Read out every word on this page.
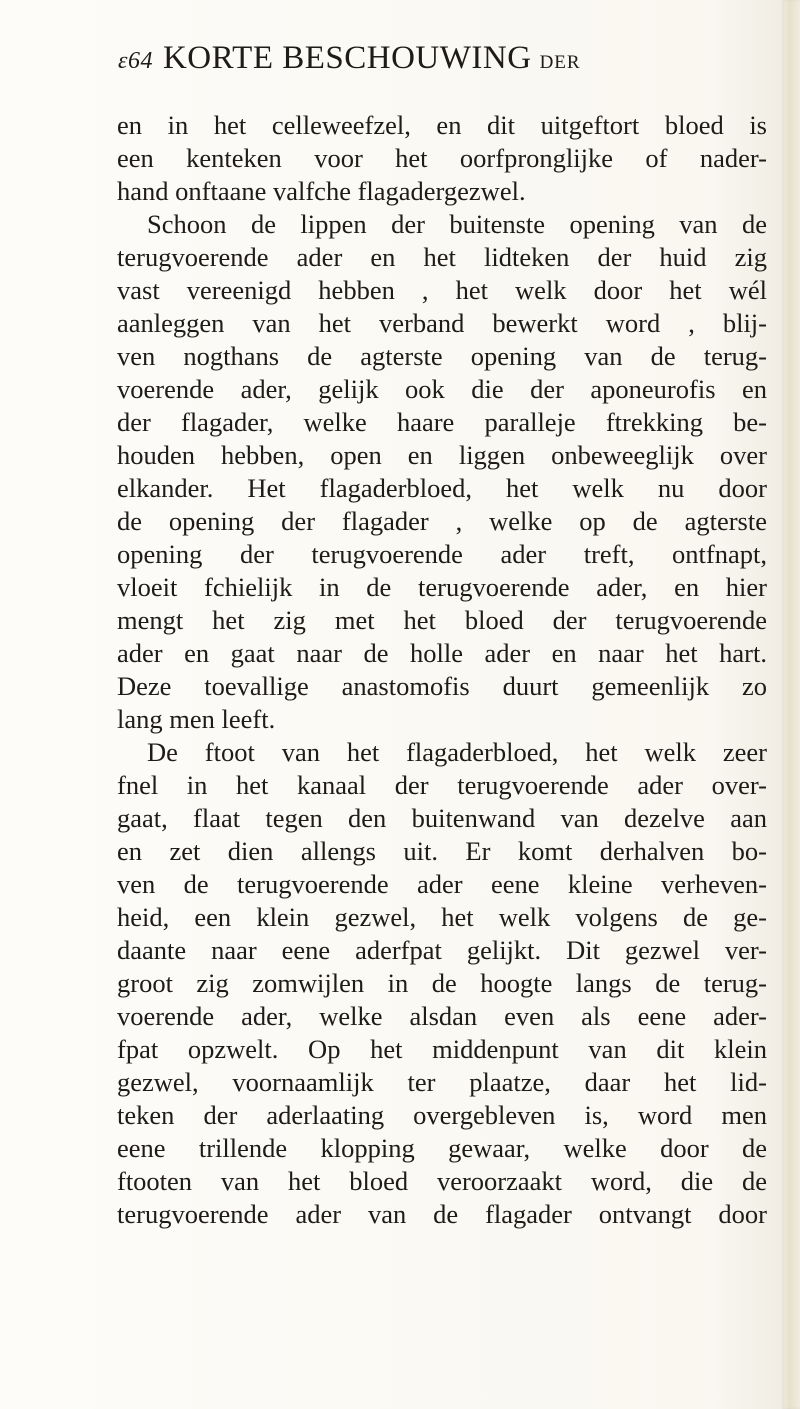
ɛ64 KORTE BESCHOUWING DER
en in het celleweefzel, en dit uitgeftort bloed is
een kenteken voor het oorfpronglijke of nader-
hand onftaane valfche flagadergezwel.
Schoon de lippen der buitenste opening van de
terugvoerende ader en het lidteken der huid zig
vast vereenigd hebben , het welk door het wél
aanleggen van het verband bewerkt word , blij-
ven nogthans de agterste opening van de terug-
voerende ader, gelijk ook die der aponeurofis en
der flagader, welke haare paralleje ftrekking be-
houden hebben, open en liggen onbeweeglijk over
elkander. Het flagaderbloed, het welk nu door
de opening der flagader , welke op de agterste
opening der terugvoerende ader treft, ontfnapt,
vloeit fchielijk in de terugvoerende ader, en hier
mengt het zig met het bloed der terugvoerende
ader en gaat naar de holle ader en naar het hart.
Deze toevallige anastomofis duurt gemeenlijk zo
lang men leeft.
De ftoot van het flagaderbloed, het welk zeer
fnel in het kanaal der terugvoerende ader over-
gaat, flaat tegen den buitenwand van dezelve aan
en zet dien allengs uit. Er komt derhalven bo-
ven de terugvoerende ader eene kleine verheven-
heid, een klein gezwel, het welk volgens de ge-
daante naar eene aderfpat gelijkt. Dit gezwel ver-
groot zig zomwijlen in de hoogte langs de terug-
voerende ader, welke alsdan even als eene ader-
fpat opzwelt. Op het middenpunt van dit klein
gezwel, voornaamlijk ter plaatze, daar het lid-
teken der aderlaating overgebleven is, word men
eene trillende klopping gewaar, welke door de
ftooten van het bloed veroorzaakt word, die de
terugvoerende ader van de flagader ontvangt door
